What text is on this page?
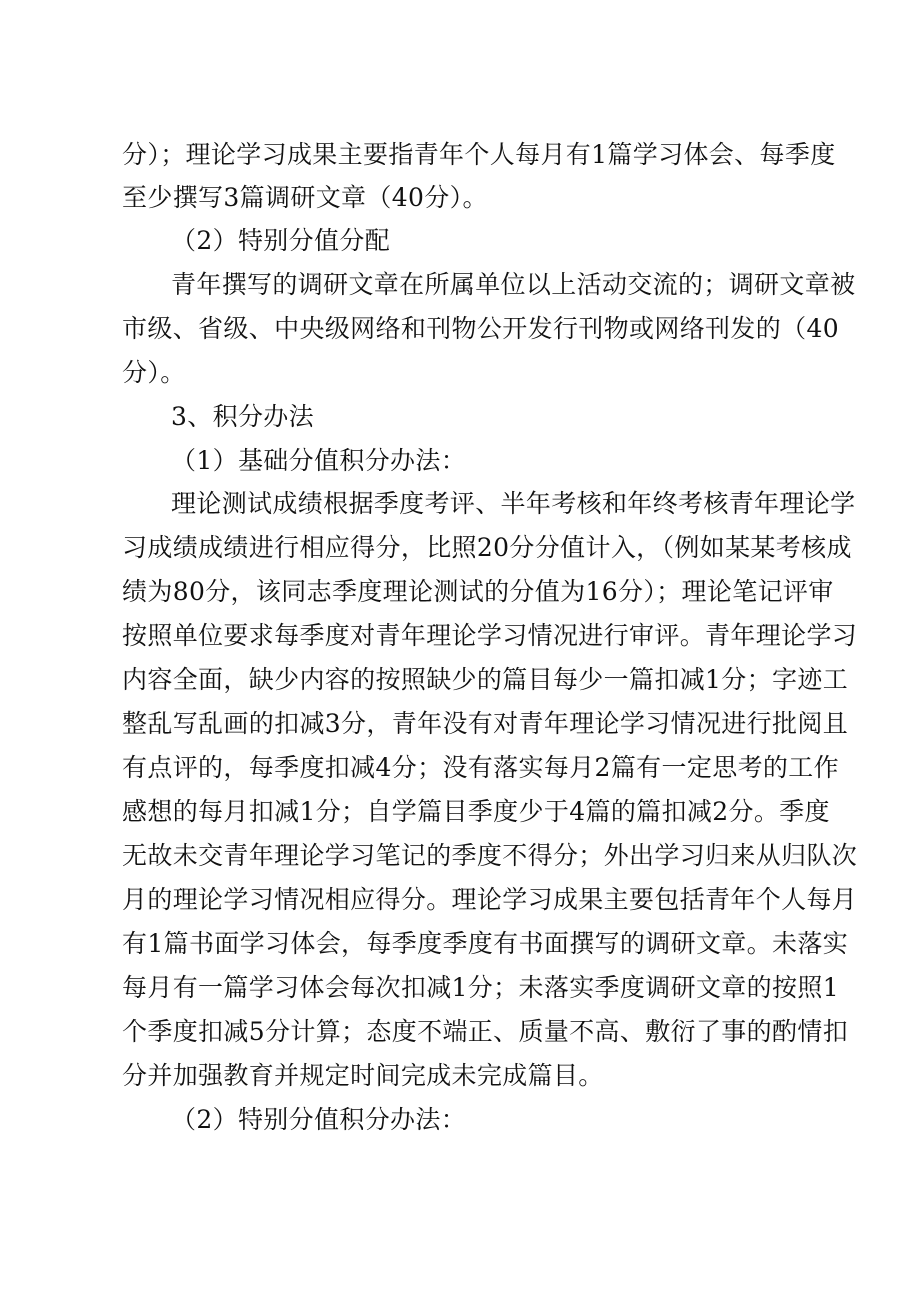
分）；理论学习成果主要指青年个人每月有1篇学习体会、每季度
至少撰写3篇调研文章（40分）。
（2）特别分值分配
青年撰写的调研文章在所属单位以上活动交流的；调研文章被
市级、省级、中央级网络和刊物公开发行刊物或网络刊发的（40
分）。
3、积分办法
（1）基础分值积分办法：
理论测试成绩根据季度考评、半年考核和年终考核青年理论学
习成绩成绩进行相应得分，比照20分分值计入，（例如某某考核成
绩为80分，该同志季度理论测试的分值为16分）；理论笔记评审
按照单位要求每季度对青年理论学习情况进行审评。青年理论学习
内容全面，缺少内容的按照缺少的篇目每少一篇扣减1分；字迹工
整乱写乱画的扣减3分，青年没有对青年理论学习情况进行批阅且
有点评的，每季度扣减4分；没有落实每月2篇有一定思考的工作
感想的每月扣减1分；自学篇目季度少于4篇的篇扣减2分。季度
无故未交青年理论学习笔记的季度不得分；外出学习归来从归队次
月的理论学习情况相应得分。理论学习成果主要包括青年个人每月
有1篇书面学习体会，每季度季度有书面撰写的调研文章。未落实
每月有一篇学习体会每次扣减1分；未落实季度调研文章的按照1
个季度扣减5分计算；态度不端正、质量不高、敷衍了事的酌情扣
分并加强教育并规定时间完成未完成篇目。
（2）特别分值积分办法：
